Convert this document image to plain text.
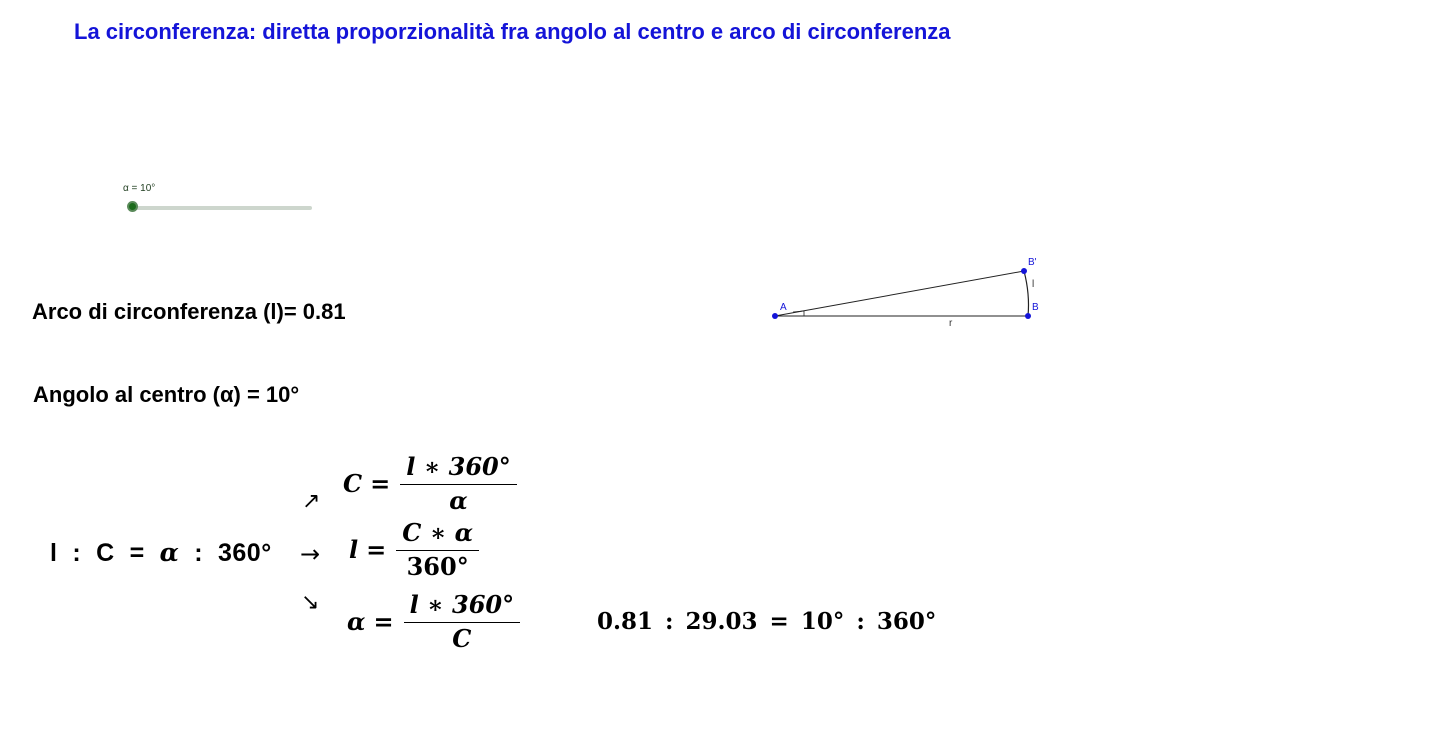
La circonferenza: diretta proporzionalità fra angolo al centro e arco di circonferenza
α = 10°
Arco di circonferenza (l)= 0.81
Angolo al centro (α) = 10°
l : C = α : 360°
↗
→
↘
$C = \frac{l ∗ 360^\circ}{\alpha}$
$l = \frac{C ∗ \alpha}{360^\circ}$
$\alpha = \frac{l ∗ 360^\circ}{C}$	0.81 : 29.03 = 10° : 360°
A	B
B'
l
r
